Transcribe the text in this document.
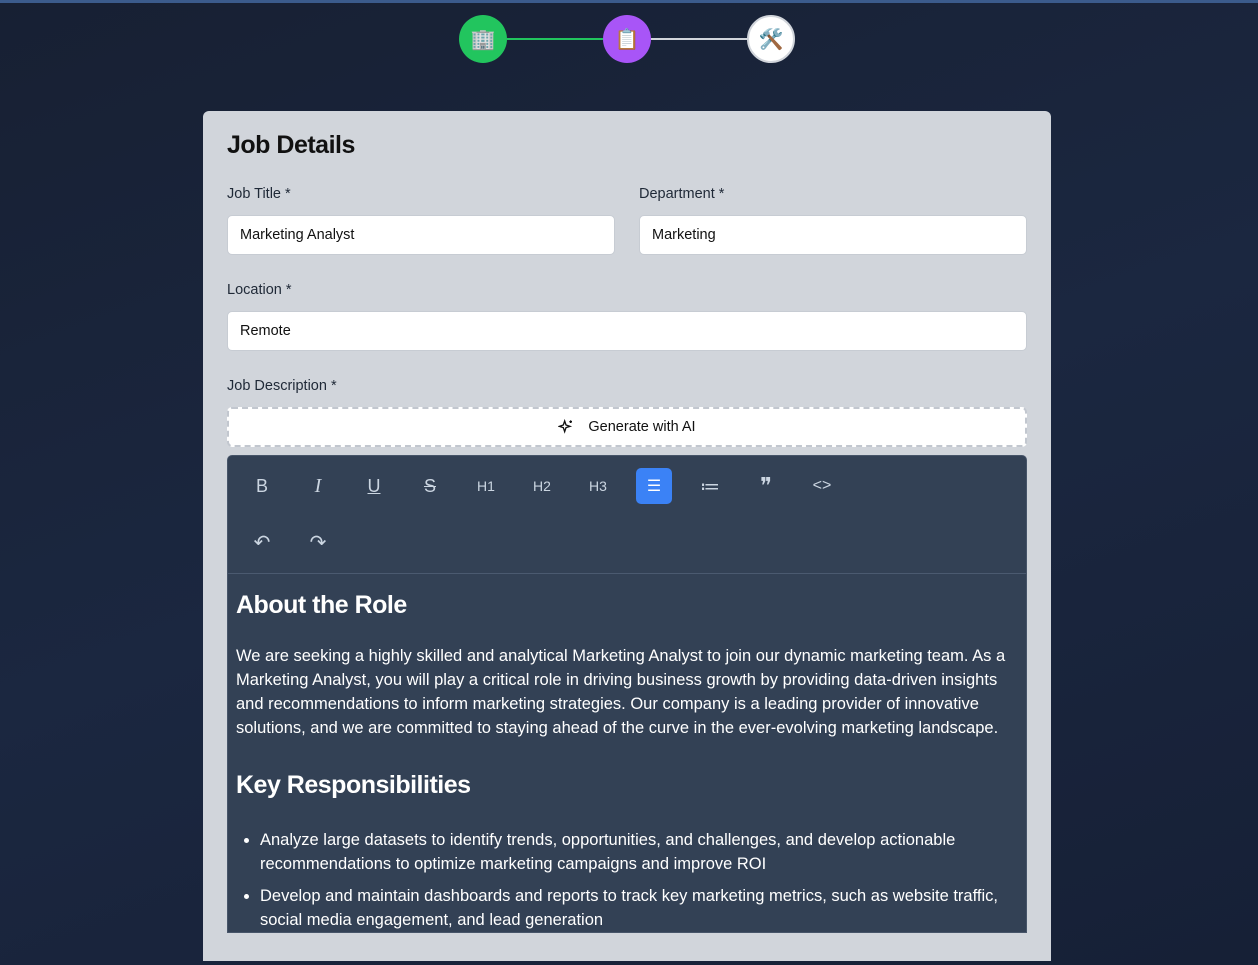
🏢	📋	🛠️
Job Details
Job Title *
Marketing Analyst
Department *
Marketing
Location *
Remote
Job Description *
Generate with AI
B I	U S	H1	H2	H3 ☰ ≔ ❞	<>
↶ ↷
About the Role

We are seeking a highly skilled and analytical Marketing Analyst to join our dynamic marketing team. As a Marketing Analyst, you will play a critical role in driving business growth by providing data-driven insights and recommendations to inform marketing strategies. Our company is a leading provider of innovative solutions, and we are committed to staying ahead of the curve in the ever-evolving marketing landscape.

Key Responsibilities
• Analyze large datasets to identify trends, opportunities, and challenges, and develop actionable recommendations to optimize marketing campaigns and improve ROI
• Develop and maintain dashboards and reports to track key marketing metrics, such as website traffic, social media engagement, and lead generation
